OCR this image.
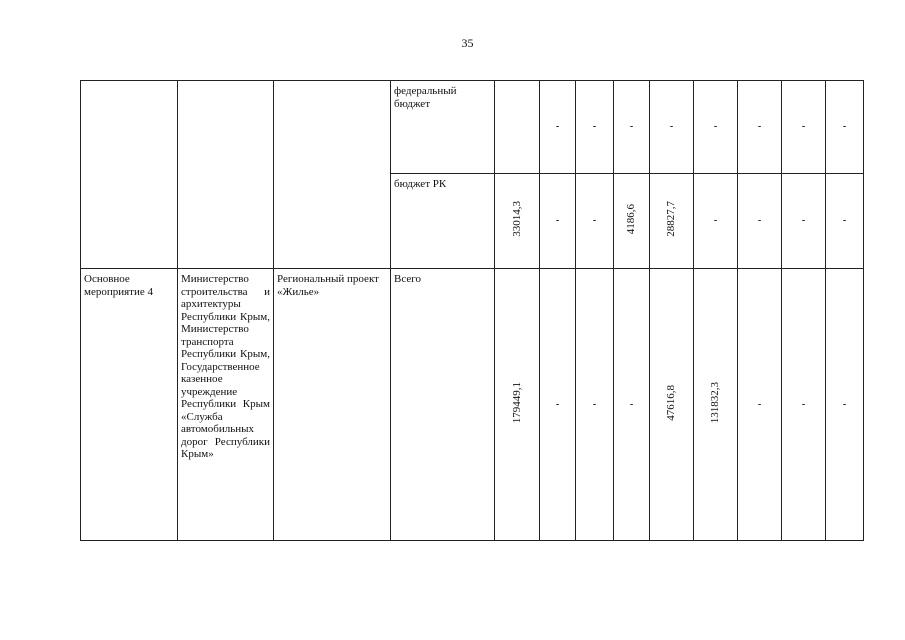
35
			федеральный бюджет		-	-	-	-	-	-	-	-
			бюджет РК	33014,3	-	-	4186,6	28827,7	-	-	-	-
Основное мероприятие 4	Министерство строительства и архитектуры Республики Крым, Министерство транспорта Республики Крым, Государственное казенное учреждение Республики Крым «Служба автомобильных дорог Республики Крым»	Региональный проект «Жилье»	Всего	179449,1	-	-	-	47616,8	131832,3	-	-	-
